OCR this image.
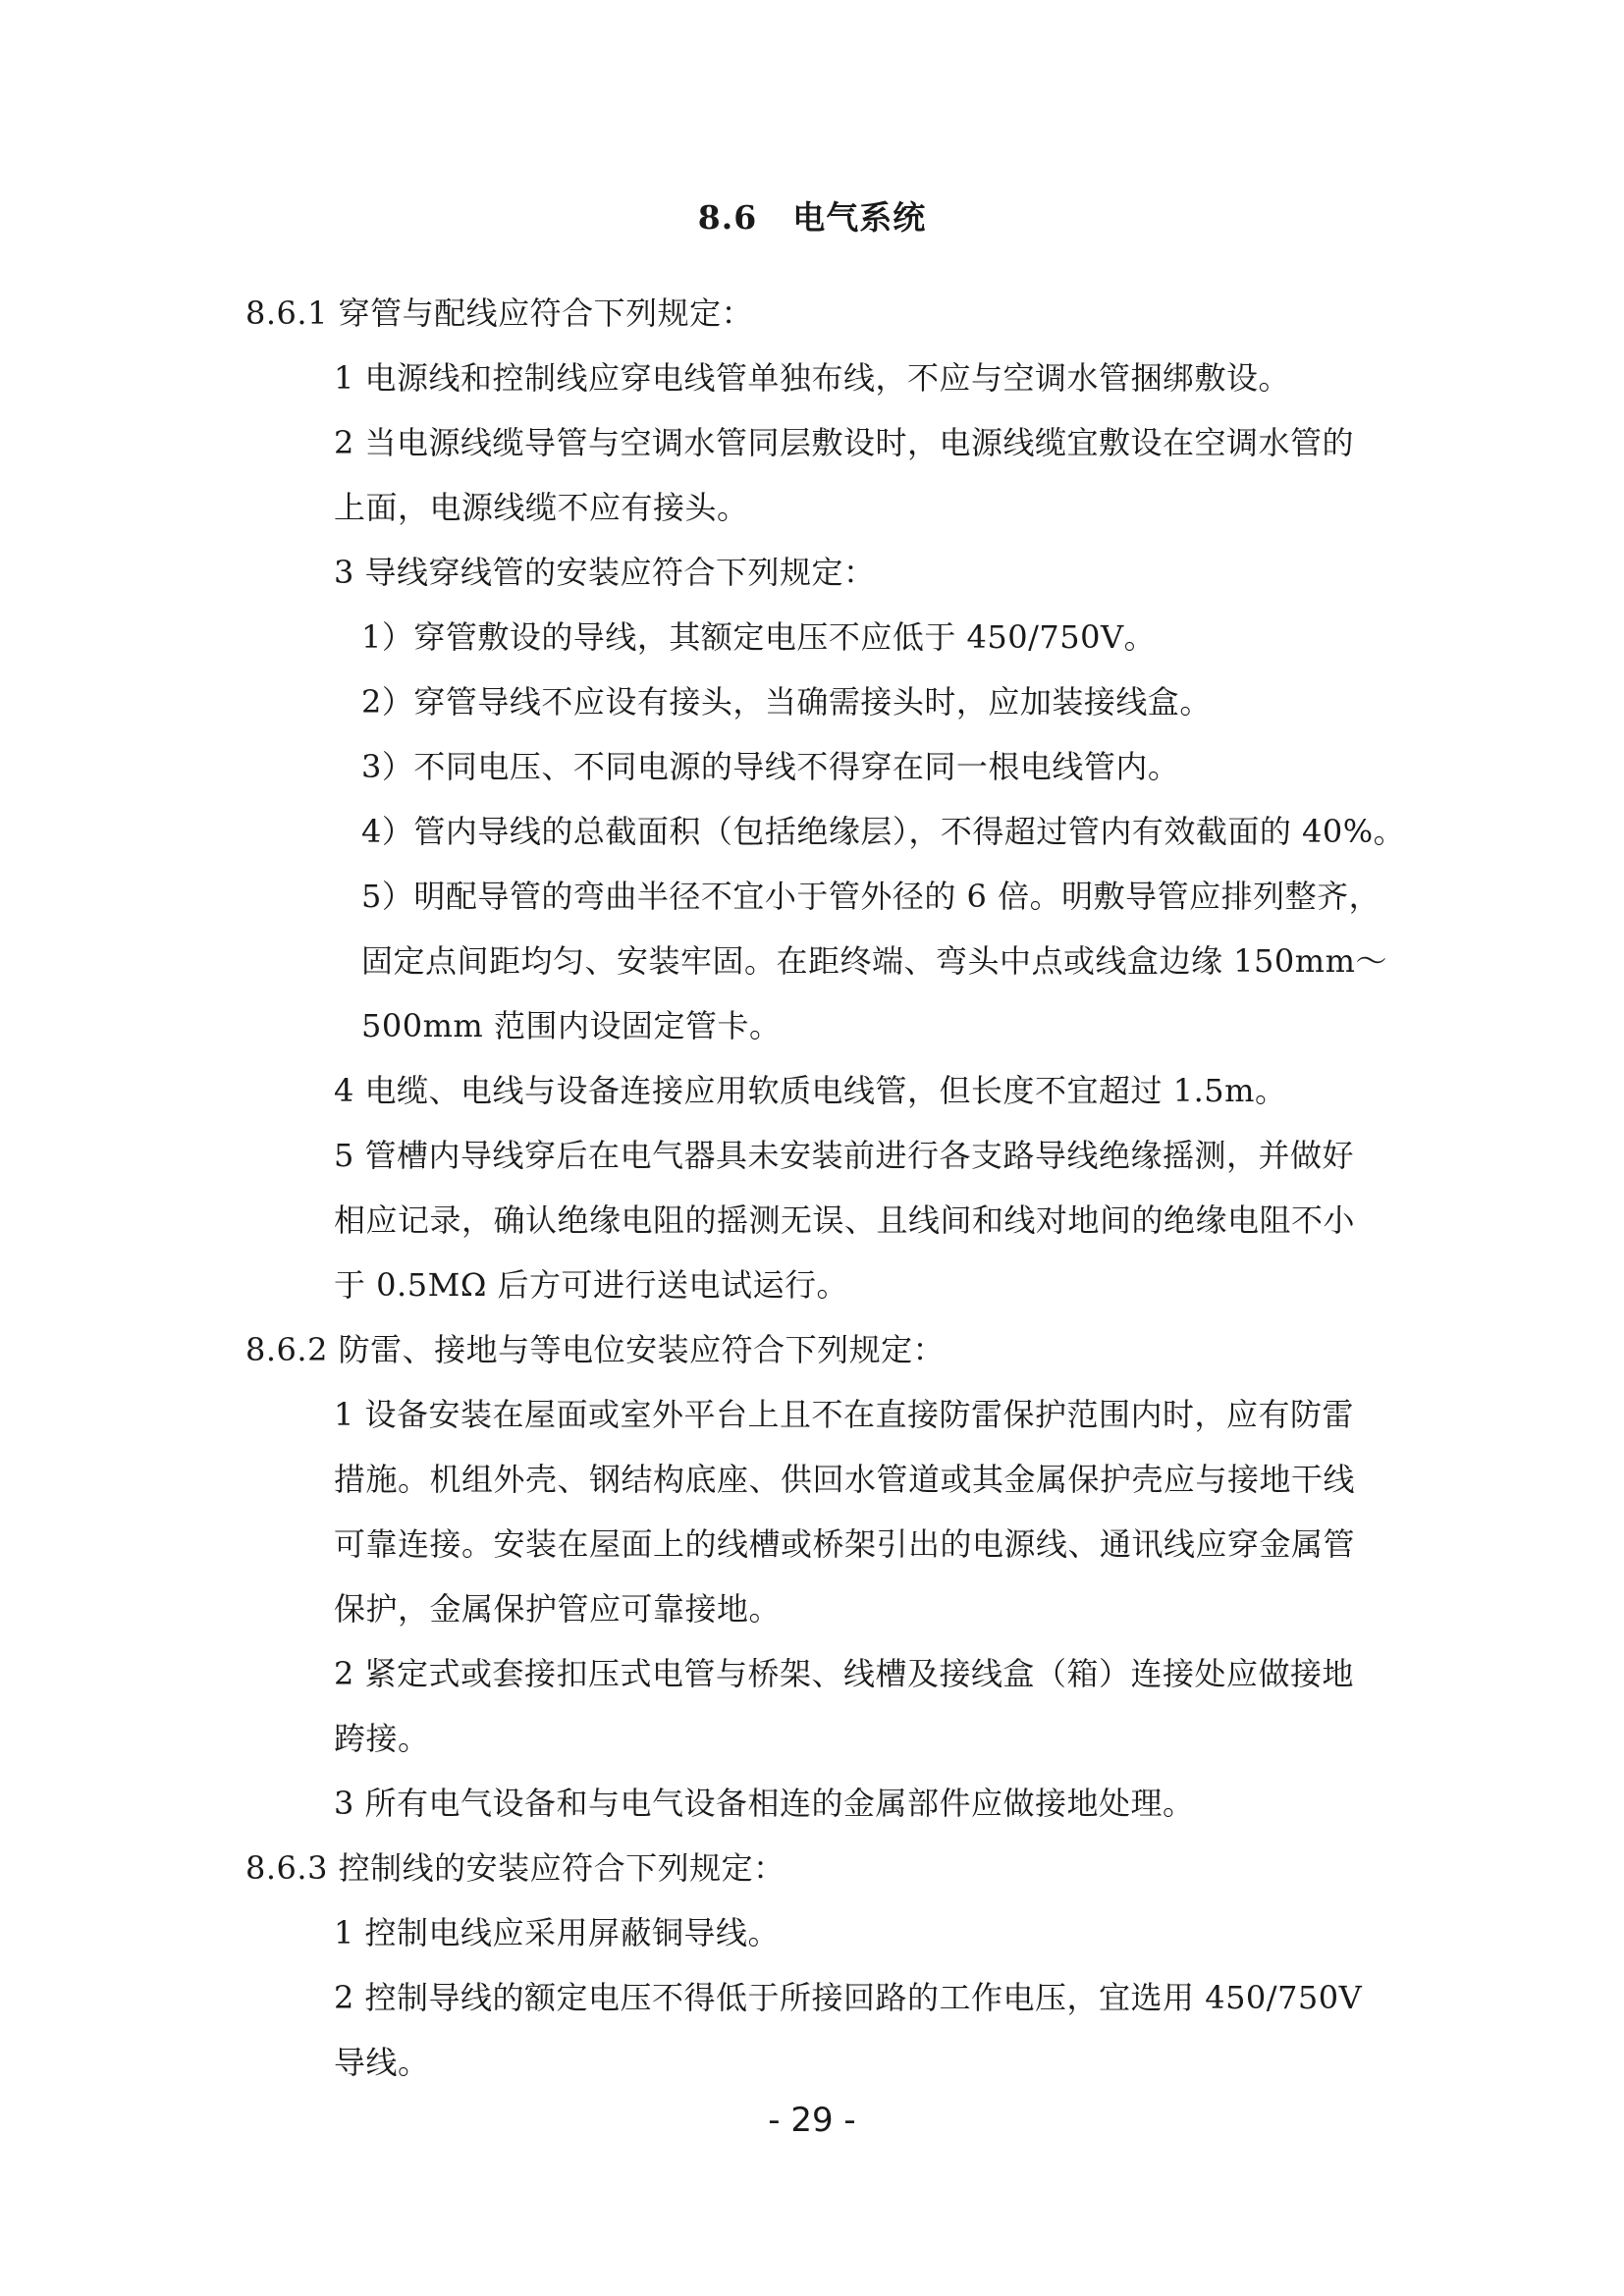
8.6 电气系统
8.6.1 穿管与配线应符合下列规定：
1 电源线和控制线应穿电线管单独布线，不应与空调水管捆绑敷设。
2 当电源线缆导管与空调水管同层敷设时，电源线缆宜敷设在空调水管的
上面，电源线缆不应有接头。
3 导线穿线管的安装应符合下列规定：
1）穿管敷设的导线，其额定电压不应低于 450/750V。
2）穿管导线不应设有接头，当确需接头时，应加装接线盒。
3）不同电压、不同电源的导线不得穿在同一根电线管内。
4）管内导线的总截面积（包括绝缘层），不得超过管内有效截面的 40%。
5）明配导管的弯曲半径不宜小于管外径的 6 倍。明敷导管应排列整齐，
固定点间距均匀、安装牢固。在距终端、弯头中点或线盒边缘 150mm～
500mm 范围内设固定管卡。
4 电缆、电线与设备连接应用软质电线管，但长度不宜超过 1.5m。
5 管槽内导线穿后在电气器具未安装前进行各支路导线绝缘摇测，并做好
相应记录，确认绝缘电阻的摇测无误、且线间和线对地间的绝缘电阻不小
于 0.5MΩ 后方可进行送电试运行。
8.6.2 防雷、接地与等电位安装应符合下列规定：
1 设备安装在屋面或室外平台上且不在直接防雷保护范围内时，应有防雷
措施。机组外壳、钢结构底座、供回水管道或其金属保护壳应与接地干线
可靠连接。安装在屋面上的线槽或桥架引出的电源线、通讯线应穿金属管
保护，金属保护管应可靠接地。
2 紧定式或套接扣压式电管与桥架、线槽及接线盒（箱）连接处应做接地
跨接。
3 所有电气设备和与电气设备相连的金属部件应做接地处理。
8.6.3 控制线的安装应符合下列规定：
1 控制电线应采用屏蔽铜导线。
2 控制导线的额定电压不得低于所接回路的工作电压，宜选用 450/750V
导线。
- 29 -
